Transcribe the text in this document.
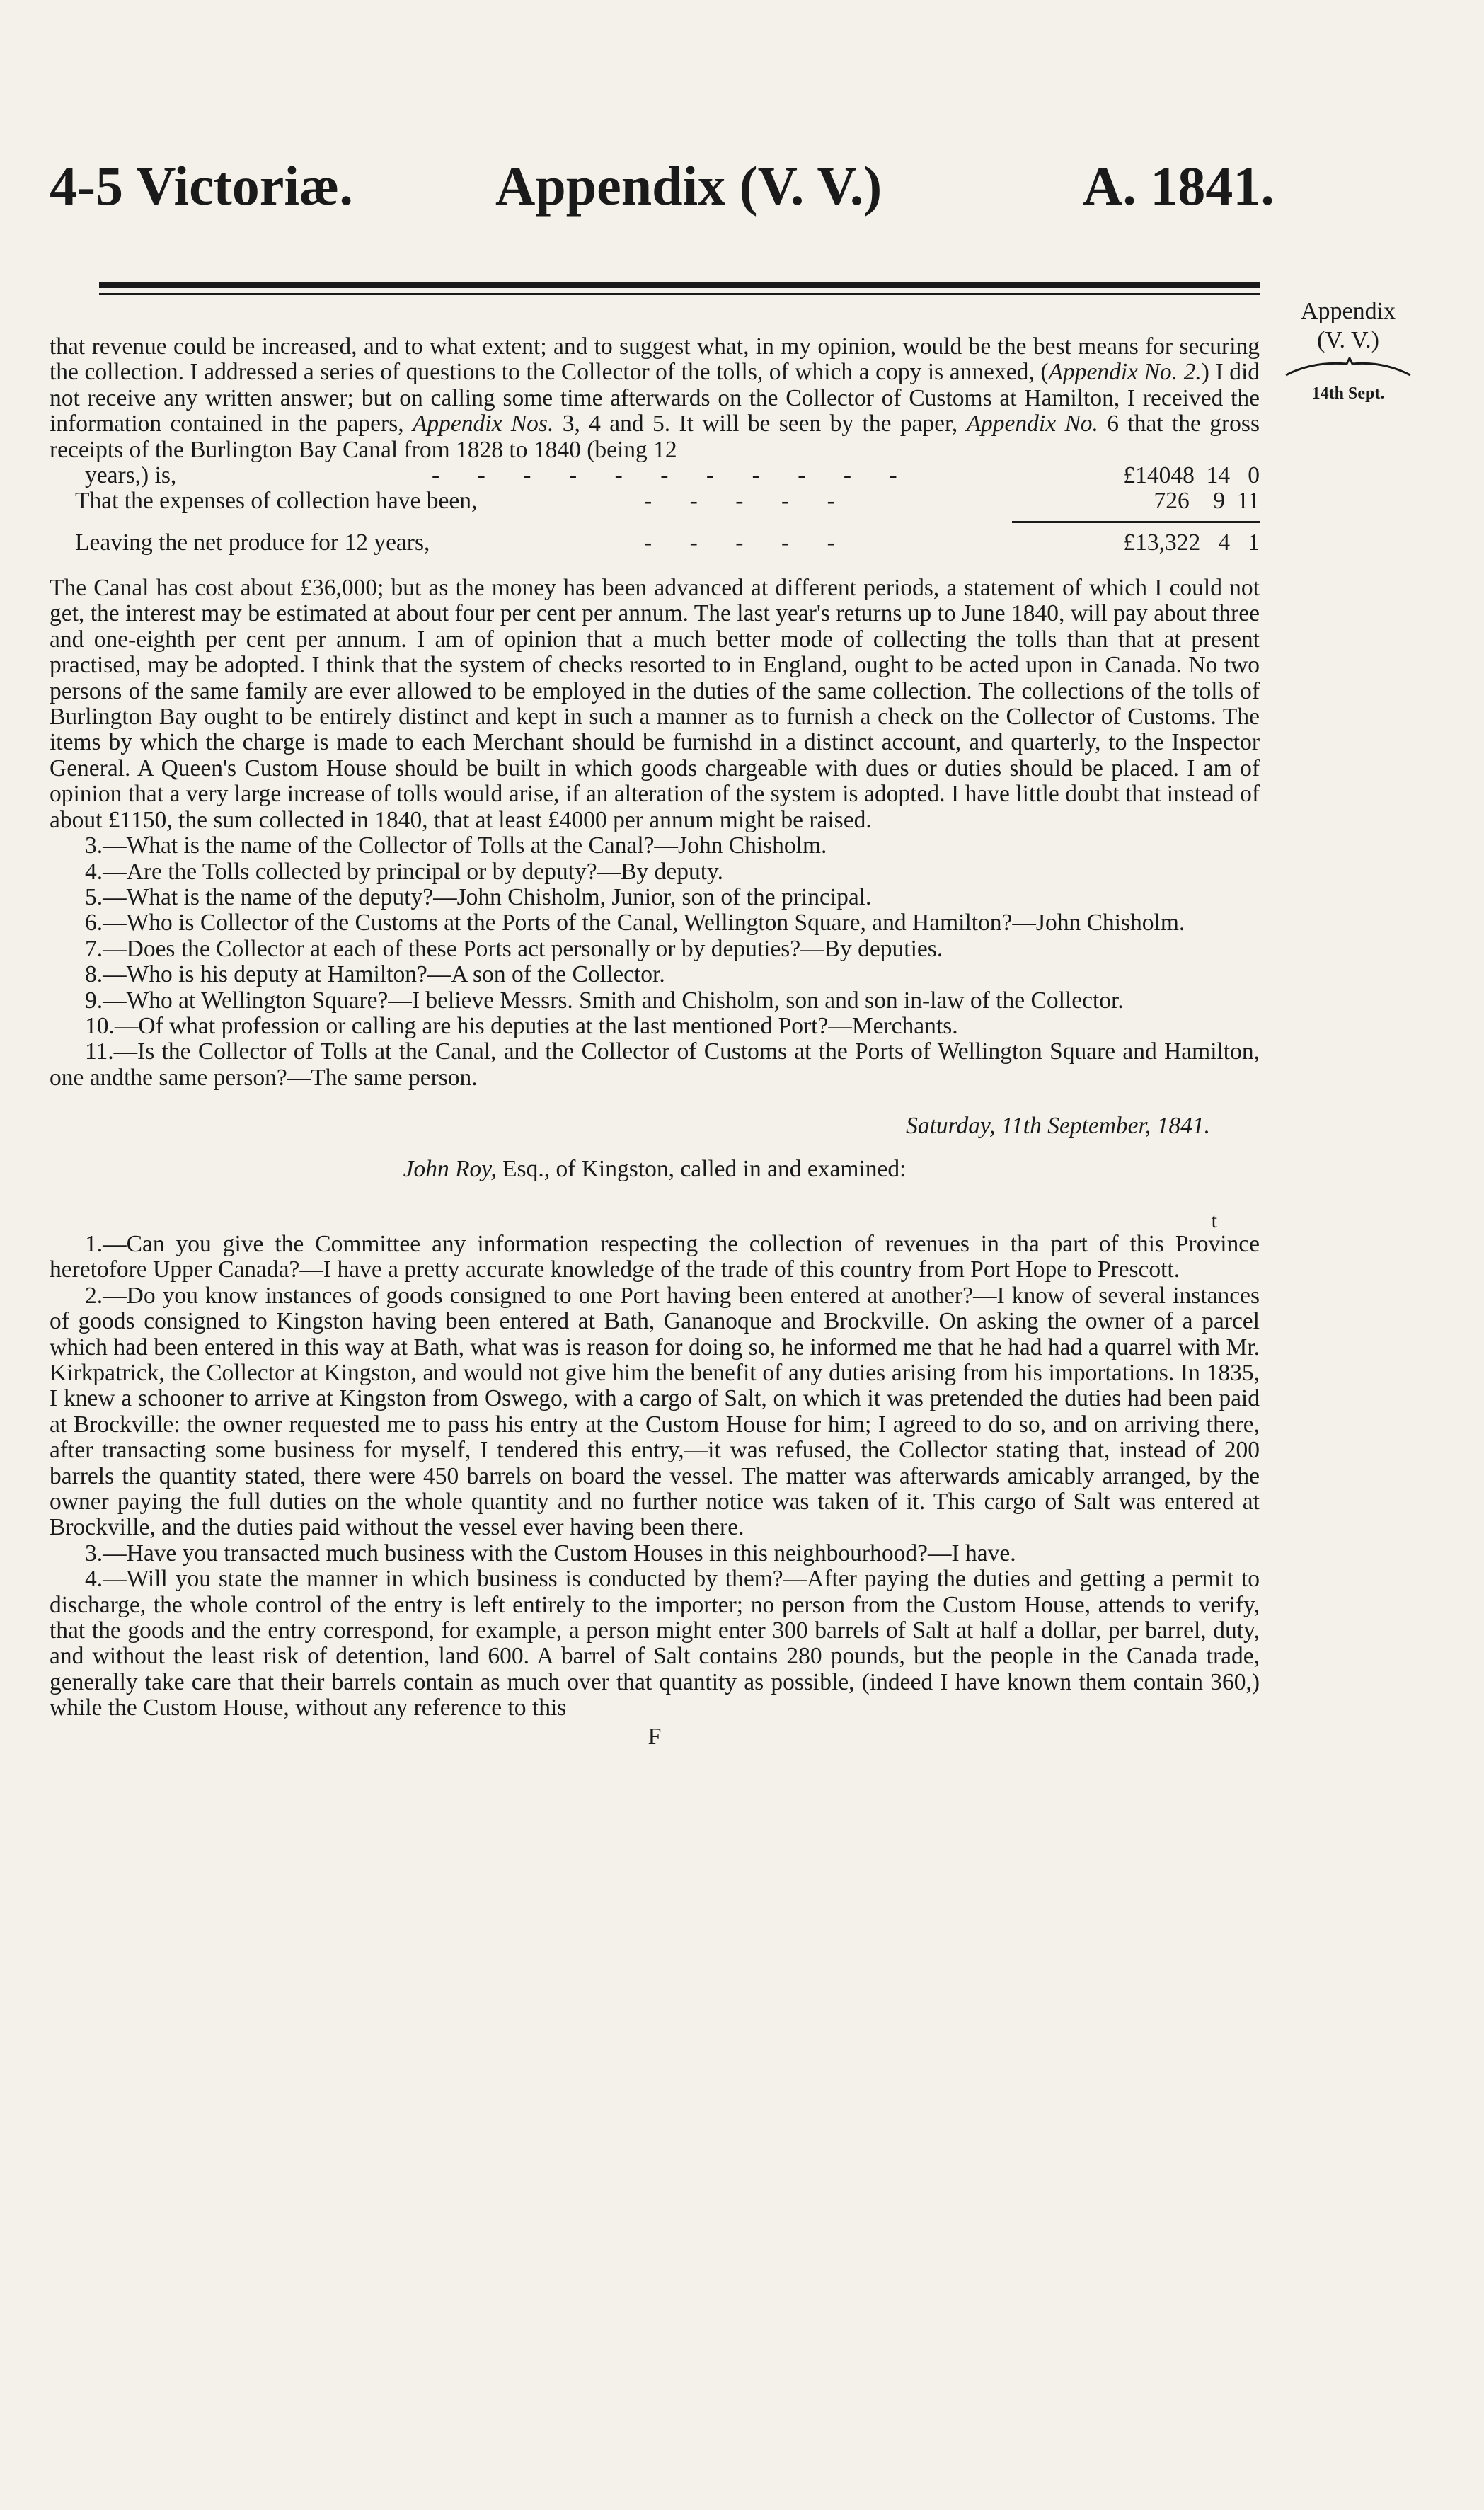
4-5 Victoriæ.	Appendix (V. V.)	A. 1841.
Appendix
(V. V.)
14th Sept.

that revenue could be increased, and to what extent; and to suggest what, in my opinion, would be the best means for securing the collection. I addressed a series of questions to the Collector of the tolls, of which a copy is annexed, (Appendix No. 2.) I did not receive any written answer; but on calling some time afterwards on the Collector of Customs at Hamilton, I received the information contained in the papers, Appendix Nos. 3, 4 and 5. It will be seen by the paper, Appendix No. 6 that the gross receipts of the Burlington Bay Canal from 1828 to 1840 (being 12

years,) is,	-    -    -    -    -    -    -    -    -    -    -	£14048  14   0
That the expenses of collection have been,	-    -    -    -    -	726    9  11
Leaving the net produce for 12 years,	-    -    -    -    -	£13,322   4   1

The Canal has cost about £36,000; but as the money has been advanced at different periods, a statement of which I could not get, the interest may be estimated at about four per cent per annum. The last year's returns up to June 1840, will pay about three and one-eighth per cent per annum. I am of opinion that a much better mode of collecting the tolls than that at present practised, may be adopted. I think that the system of checks resorted to in England, ought to be acted upon in Canada. No two persons of the same family are ever allowed to be employed in the duties of the same collection. The collections of the tolls of Burlington Bay ought to be entirely distinct and kept in such a manner as to furnish a check on the Collector of Customs. The items by which the charge is made to each Merchant should be furnishd in a distinct account, and quarterly, to the Inspector General. A Queen's Custom House should be built in which goods chargeable with dues or duties should be placed. I am of opinion that a very large increase of tolls would arise, if an alteration of the system is adopted. I have little doubt that instead of about £1150, the sum collected in 1840, that at least £4000 per annum might be raised.

3.—What is the name of the Collector of Tolls at the Canal?—John Chisholm.

4.—Are the Tolls collected by principal or by deputy?—By deputy.

5.—What is the name of the deputy?—John Chisholm, Junior, son of the principal.

6.—Who is Collector of the Customs at the Ports of the Canal, Wellington Square, and Hamilton?—John Chisholm.

7.—Does the Collector at each of these Ports act personally or by deputies?—By deputies.

8.—Who is his deputy at Hamilton?—A son of the Collector.

9.—Who at Wellington Square?—I believe Messrs. Smith and Chisholm, son and son in-law of the Collector.

10.—Of what profession or calling are his deputies at the last mentioned Port?—Merchants.

11.—Is the Collector of Tolls at the Canal, and the Collector of Customs at the Ports of Wellington Square and Hamilton, one andthe same person?—The same person.

Saturday, 11th September, 1841.

John Roy, Esq., of Kingston, called in and examined:

t

1.—Can you give the Committee any information respecting the collection of revenues in tha part of this Province heretofore Upper Canada?—I have a pretty accurate knowledge of the trade of this country from Port Hope to Prescott.

2.—Do you know instances of goods consigned to one Port having been entered at another?—I know of several instances of goods consigned to Kingston having been entered at Bath, Gananoque and Brockville. On asking the owner of a parcel which had been entered in this way at Bath, what was is reason for doing so, he informed me that he had had a quarrel with Mr. Kirkpatrick, the Collector at Kingston, and would not give him the benefit of any duties arising from his importations. In 1835, I knew a schooner to arrive at Kingston from Oswego, with a cargo of Salt, on which it was pretended the duties had been paid at Brockville: the owner requested me to pass his entry at the Custom House for him; I agreed to do so, and on arriving there, after transacting some business for myself, I tendered this entry,—it was refused, the Collector stating that, instead of 200 barrels the quantity stated, there were 450 barrels on board the vessel. The matter was afterwards amicably arranged, by the owner paying the full duties on the whole quantity and no further notice was taken of it. This cargo of Salt was entered at Brockville, and the duties paid without the vessel ever having been there.

3.—Have you transacted much business with the Custom Houses in this neighbourhood?—I have.

4.—Will you state the manner in which business is conducted by them?—After paying the duties and getting a permit to discharge, the whole control of the entry is left entirely to the importer; no person from the Custom House, attends to verify, that the goods and the entry correspond, for example, a person might enter 300 barrels of Salt at half a dollar, per barrel, duty, and without the least risk of detention, land 600. A barrel of Salt contains 280 pounds, but the people in the Canada trade, generally take care that their barrels contain as much over that quantity as possible, (indeed I have known them contain 360,) while the Custom House, without any reference to this

F
